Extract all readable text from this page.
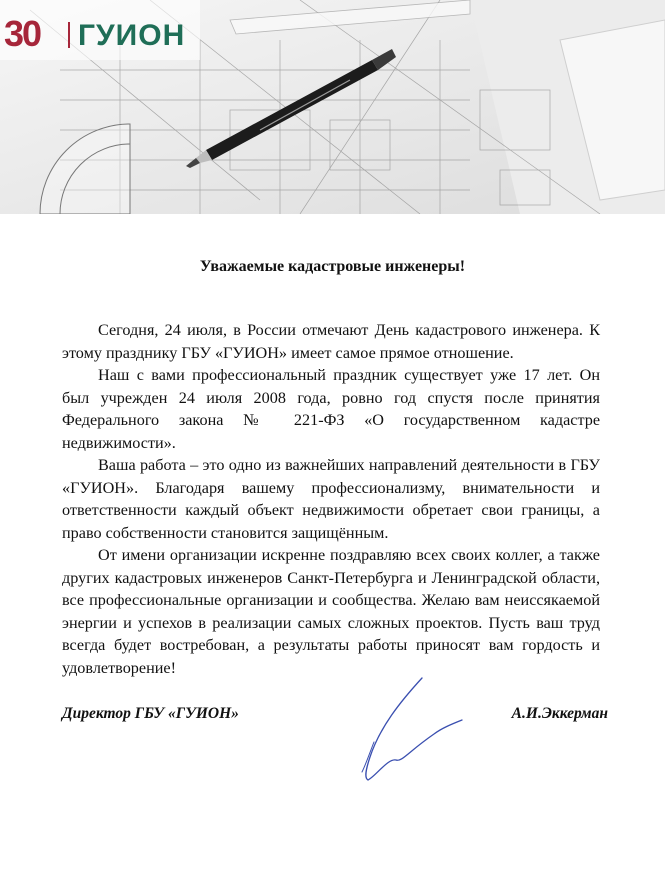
30 ГУИОН
Уважаемые кадастровые инженеры!

Сегодня, 24 июля, в России отмечают День кадастрового инженера. К этому празднику ГБУ «ГУИОН» имеет самое прямое отношение.

Наш с вами профессиональный праздник существует уже 17 лет. Он был учрежден 24 июля 2008 года, ровно год спустя после принятия Федерального закона № 221-ФЗ «О государственном кадастре недвижимости».

Ваша работа – это одно из важнейших направлений деятельности в ГБУ «ГУИОН». Благодаря вашему профессионализму, внимательности и ответственности каждый объект недвижимости обретает свои границы, а право собственности становится защищённым.

От имени организации искренне поздравляю всех своих коллег, а также других кадастровых инженеров Санкт-Петербурга и Ленинградской области, все профессиональные организации и сообщества. Желаю вам неиссякаемой энергии и успехов в реализации самых сложных проектов. Пусть ваш труд всегда будет востребован, а результаты работы приносят вам гордость и удовлетворение!

Директор ГБУ «ГУИОН»	А.И.Эккерман
